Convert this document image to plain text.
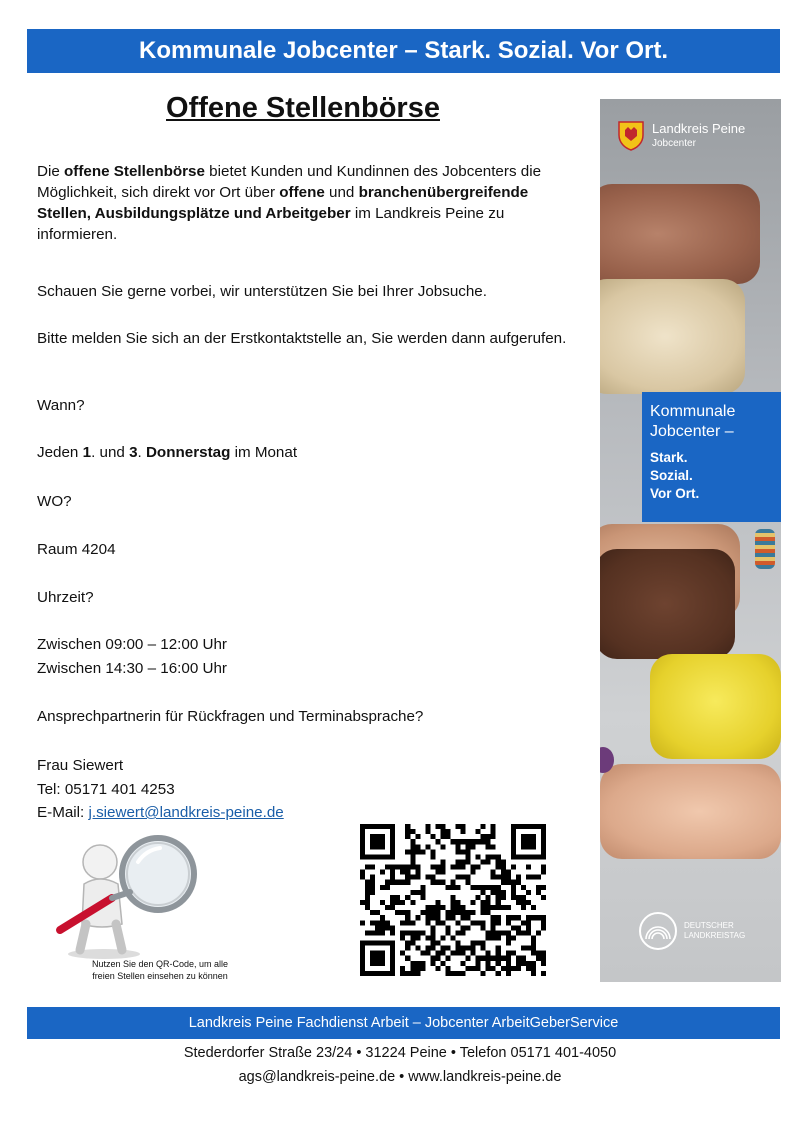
Kommunale Jobcenter – Stark. Sozial. Vor Ort.
Offene Stellenbörse
Die offene Stellenbörse bietet Kunden und Kundinnen des Jobcenters die Möglichkeit, sich direkt vor Ort über offene und branchenübergreifende Stellen, Ausbildungsplätze und Arbeitgeber im Landkreis Peine zu informieren.
Schauen Sie gerne vorbei, wir unterstützen Sie bei Ihrer Jobsuche.
Bitte melden Sie sich an der Erstkontaktstelle an, Sie werden dann aufgerufen.
Wann?
Jeden 1. und 3. Donnerstag im Monat
WO?
Raum 4204
Uhrzeit?
Zwischen 09:00 – 12:00 Uhr
Zwischen 14:30 – 16:00 Uhr
Ansprechpartnerin für Rückfragen und Terminabsprache?
Frau Siewert
Tel: 05171 401 4253
E-Mail: j.siewert@landkreis-peine.de
Landkreis Peine
Jobcenter
Kommunale
Jobcenter –
Stark.
Sozial.
Vor Ort.
DEUTSCHER
LANDKREISTAG
Nutzen Sie den QR-Code, um alle
freien Stellen einsehen zu können
Landkreis Peine Fachdienst Arbeit – Jobcenter ArbeitGeberService
Stederdorfer Straße 23/24 • 31224 Peine • Telefon 05171 401-4050
ags@landkreis-peine.de • www.landkreis-peine.de
